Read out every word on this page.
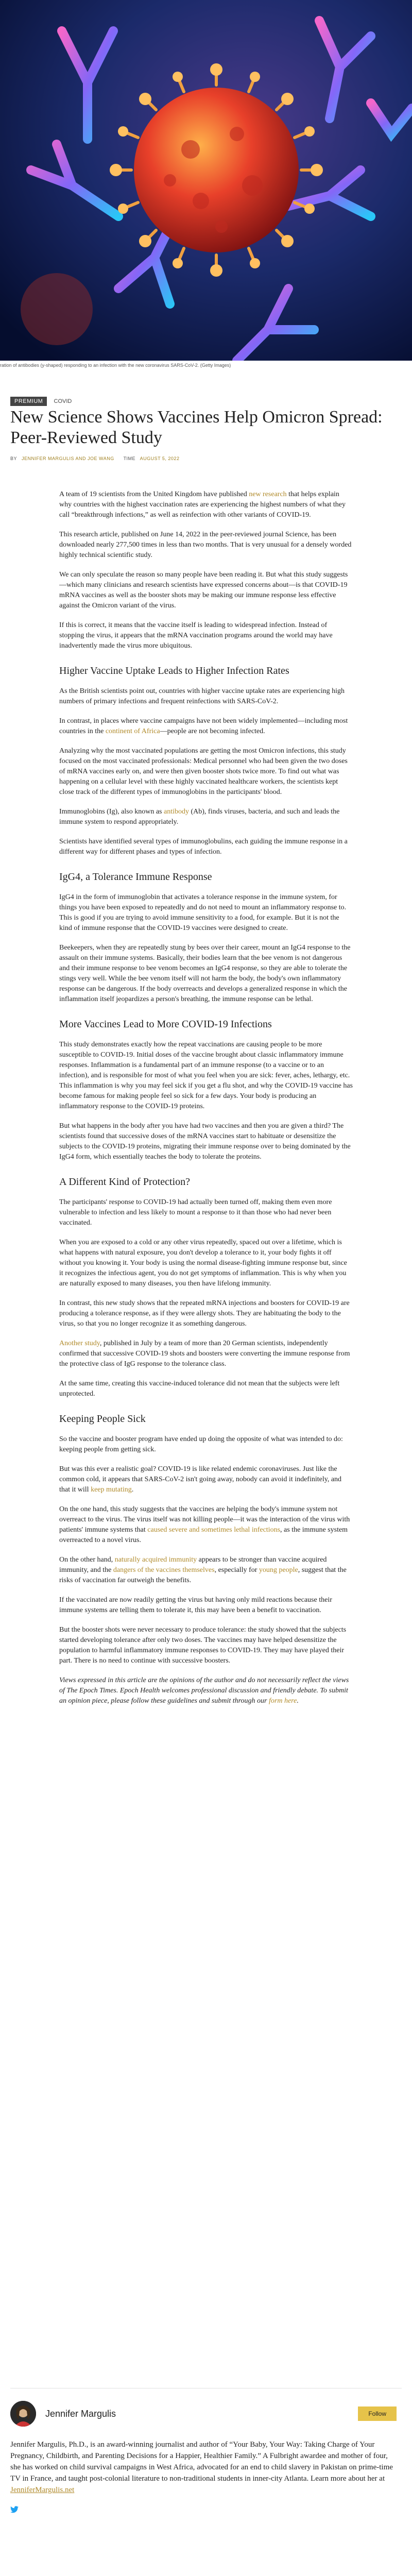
ration of antibodies (y-shaped) responding to an infection with the new coronavirus SARS-CoV-2. (Getty Images)
PREMIUM COVID
New Science Shows Vaccines Help Omicron Spread: Peer-Reviewed Study
BY JENNIFER MARGULIS AND JOE WANG TIME AUGUST 5, 2022

A team of 19 scientists from the United Kingdom have published new research that helps explain why countries with the highest vaccination rates are experiencing the highest numbers of what they call “breakthrough infections,” as well as reinfection with other variants of COVID-19.

This research article, published on June 14, 2022 in the peer-reviewed journal Science, has been downloaded nearly 277,500 times in less than two months. That is very unusual for a densely worded highly technical scientific study.

We can only speculate the reason so many people have been reading it. But what this study suggests—which many clinicians and research scientists have expressed concerns about—is that COVID-19 mRNA vaccines as well as the booster shots may be making our immune response less effective against the Omicron variant of the virus.

If this is correct, it means that the vaccine itself is leading to widespread infection. Instead of stopping the virus, it appears that the mRNA vaccination programs around the world may have inadvertently made the virus more ubiquitous.

Higher Vaccine Uptake Leads to Higher Infection Rates

As the British scientists point out, countries with higher vaccine uptake rates are experiencing high numbers of primary infections and frequent reinfections with SARS-CoV-2.

In contrast, in places where vaccine campaigns have not been widely implemented—including most countries in the continent of Africa—people are not becoming infected.

Analyzing why the most vaccinated populations are getting the most Omicron infections, this study focused on the most vaccinated professionals: Medical personnel who had been given the two doses of mRNA vaccines early on, and were then given booster shots twice more. To find out what was happening on a cellular level with these highly vaccinated healthcare workers, the scientists kept close track of the different types of immunoglobins in the participants' blood.

Immunoglobins (Ig), also known as antibody (Ab), finds viruses, bacteria, and such and leads the immune system to respond appropriately.

Scientists have identified several types of immunoglobulins, each guiding the immune response in a different way for different phases and types of infection.

IgG4, a Tolerance Immune Response

IgG4 in the form of immunoglobin that activates a tolerance response in the immune system, for things you have been exposed to repeatedly and do not need to mount an inflammatory response to. This is good if you are trying to avoid immune sensitivity to a food, for example. But it is not the kind of immune response that the COVID-19 vaccines were designed to create.

Beekeepers, when they are repeatedly stung by bees over their career, mount an IgG4 response to the assault on their immune systems. Basically, their bodies learn that the bee venom is not dangerous and their immune response to bee venom becomes an IgG4 response, so they are able to tolerate the stings very well. While the bee venom itself will not harm the body, the body's own inflammatory response can be dangerous. If the body overreacts and develops a generalized response in which the inflammation itself jeopardizes a person's breathing, the immune response can be lethal.

More Vaccines Lead to More COVID-19 Infections

This study demonstrates exactly how the repeat vaccinations are causing people to be more susceptible to COVID-19. Initial doses of the vaccine brought about classic inflammatory immune responses. Inflammation is a fundamental part of an immune response (to a vaccine or to an infection), and is responsible for most of what you feel when you are sick: fever, aches, lethargy, etc. This inflammation is why you may feel sick if you get a flu shot, and why the COVID-19 vaccine has become famous for making people feel so sick for a few days. Your body is producing an inflammatory response to the COVID-19 proteins.

But what happens in the body after you have had two vaccines and then you are given a third? The scientists found that successive doses of the mRNA vaccines start to habituate or desensitize the subjects to the COVID-19 proteins, migrating their immune response over to being dominated by the IgG4 form, which essentially teaches the body to tolerate the proteins.

A Different Kind of Protection?

The participants' response to COVID-19 had actually been turned off, making them even more vulnerable to infection and less likely to mount a response to it than those who had never been vaccinated.

When you are exposed to a cold or any other virus repeatedly, spaced out over a lifetime, which is what happens with natural exposure, you don't develop a tolerance to it, your body fights it off without you knowing it. Your body is using the normal disease-fighting immune response but, since it recognizes the infectious agent, you do not get symptoms of inflammation. This is why when you are naturally exposed to many diseases, you then have lifelong immunity.

In contrast, this new study shows that the repeated mRNA injections and boosters for COVID-19 are producing a tolerance response, as if they were allergy shots. They are habituating the body to the virus, so that you no longer recognize it as something dangerous.

Another study, published in July by a team of more than 20 German scientists, independently confirmed that successive COVID-19 shots and boosters were converting the immune response from the protective class of IgG response to the tolerance class.

At the same time, creating this vaccine-induced tolerance did not mean that the subjects were left unprotected.

Keeping People Sick

So the vaccine and booster program have ended up doing the opposite of what was intended to do: keeping people from getting sick.

But was this ever a realistic goal? COVID-19 is like related endemic coronaviruses. Just like the common cold, it appears that SARS-CoV-2 isn't going away, nobody can avoid it indefinitely, and that it will keep mutating.

On the one hand, this study suggests that the vaccines are helping the body's immune system not overreact to the virus. The virus itself was not killing people—it was the interaction of the virus with patients' immune systems that caused severe and sometimes lethal infections, as the immune system overreacted to a novel virus.

On the other hand, naturally acquired immunity appears to be stronger than vaccine acquired immunity, and the dangers of the vaccines themselves, especially for young people, suggest that the risks of vaccination far outweigh the benefits.

If the vaccinated are now readily getting the virus but having only mild reactions because their immune systems are telling them to tolerate it, this may have been a benefit to vaccination.

But the booster shots were never necessary to produce tolerance: the study showed that the subjects started developing tolerance after only two doses. The vaccines may have helped desensitize the population to harmful inflammatory immune responses to COVID-19. They may have played their part. There is no need to continue with successive boosters.

Views expressed in this article are the opinions of the author and do not necessarily reflect the views of The Epoch Times. Epoch Health welcomes professional discussion and friendly debate. To submit an opinion piece, please follow these guidelines and submit through our form here.

Jennifer Margulis	Follow
Jennifer Margulis, Ph.D., is an award-winning journalist and author of “Your Baby, Your Way: Taking Charge of Your Pregnancy, Childbirth, and Parenting Decisions for a Happier, Healthier Family.” A Fulbright awardee and mother of four, she has worked on child survival campaigns in West Africa, advocated for an end to child slavery in Pakistan on prime-time TV in France, and taught post-colonial literature to non-traditional students in inner-city Atlanta. Learn more about her at JenniferMargulis.net
